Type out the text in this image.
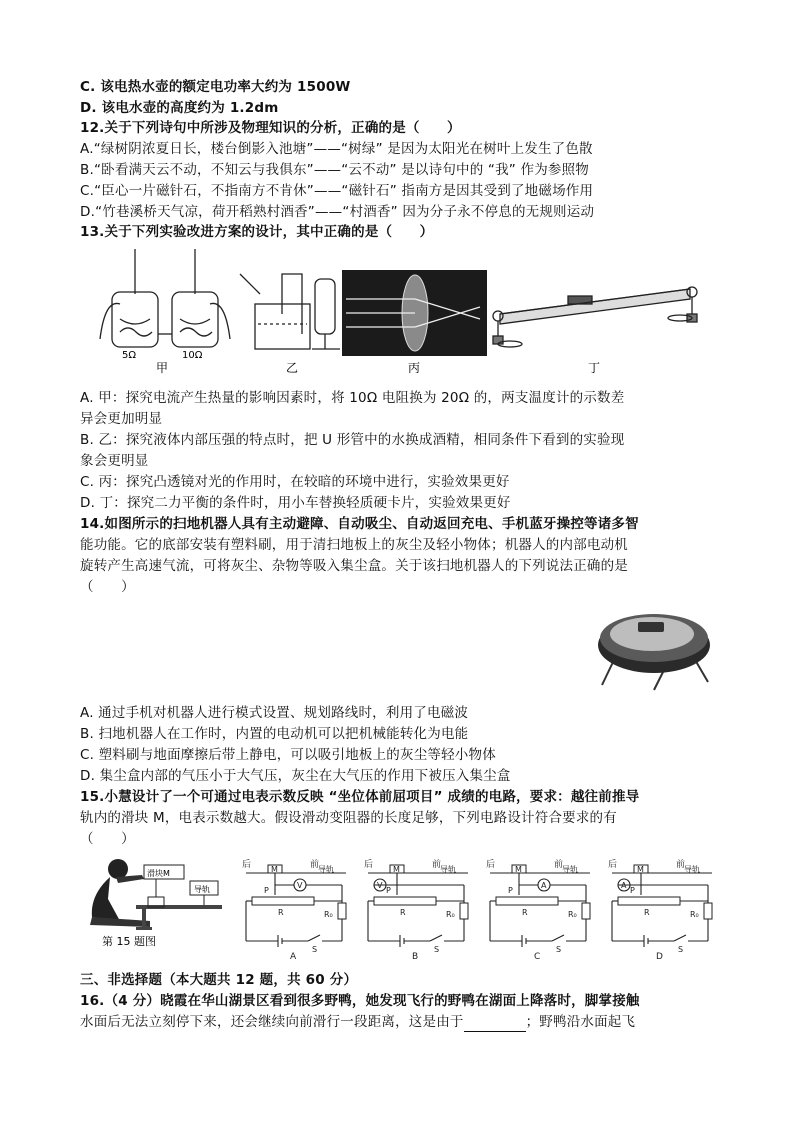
C. 该电热水壶的额定电功率大约为 1500W
D. 该电水壶的高度约为 1.2dm
12.关于下列诗句中所涉及物理知识的分析，正确的是（　　）
A.“绿树阴浓夏日长，楼台倒影入池塘”——“树绿” 是因为太阳光在树叶上发生了色散
B.“卧看满天云不动，不知云与我俱东”——“云不动” 是以诗句中的 “我” 作为参照物
C.“臣心一片磁针石，不指南方不肯休”——“磁针石” 指南方是因其受到了地磁场作用
D.“竹巷溪桥天气凉，荷开稻熟村酒香”——“村酒香” 因为分子永不停息的无规则运动
13.关于下列实验改进方案的设计，其中正确的是（　　）
5Ω	10Ω
甲	乙	丙	丁
A. 甲：探究电流产生热量的影响因素时，将 10Ω 电阻换为 20Ω 的，两支温度计的示数差
异会更加明显
B. 乙：探究液体内部压强的特点时，把 U 形管中的水换成酒精，相同条件下看到的实验现
象会更明显
C. 丙：探究凸透镜对光的作用时，在较暗的环境中进行，实验效果更好
D. 丁：探究二力平衡的条件时，用小车替换轻质硬卡片，实验效果更好
14.如图所示的扫地机器人具有主动避障、自动吸尘、自动返回充电、手机蓝牙操控等诸多智
能功能。它的底部安装有塑料刷，用于清扫地板上的灰尘及轻小物体；机器人的内部电动机
旋转产生高速气流，可将灰尘、杂物等吸入集尘盒。关于该扫地机器人的下列说法正确的是
（　　）
A. 通过手机对机器人进行模式设置、规划路线时，利用了电磁波
B. 扫地机器人在工作时，内置的电动机可以把机械能转化为电能
C. 塑料刷与地面摩擦后带上静电，可以吸引地板上的灰尘等轻小物体
D. 集尘盒内部的气压小于大气压，灰尘在大气压的作用下被压入集尘盒
15.小慧设计了一个可通过电表示数反映 “坐位体前屈项目” 成绩的电路，要求：越往前推导
轨内的滑块 M，电表示数越大。假设滑动变阻器的长度足够，下列电路设计符合要求的有
（　　）
滑块M
导轨
第 15 题图
后	前
导轨
M
P
R	R₀
S
V
A
后	前
导轨
M
P
R	R₀
S
V
B
后	前
导轨
M
P
R	R₀
S
A
C
后	前
导轨
M
P
R	R₀
S
A
D
三、非选择题（本大题共 12 题，共 60 分）
16.（4 分）晓霞在华山湖景区看到很多野鸭，她发现飞行的野鸭在湖面上降落时，脚掌接触
水面后无法立刻停下来，还会继续向前滑行一段距离，这是由于	；野鸭沿水面起飞
